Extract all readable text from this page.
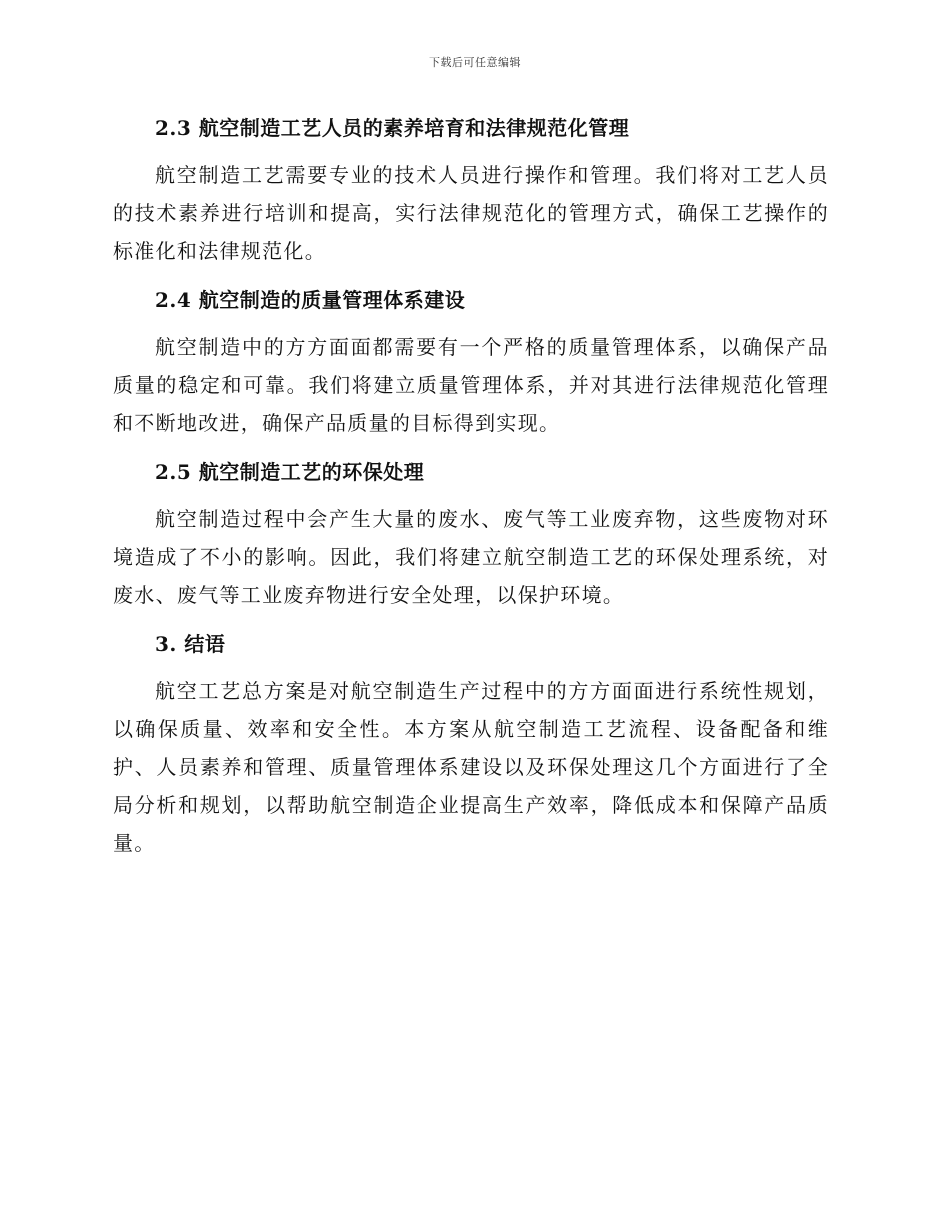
下载后可任意编辑
2.3 航空制造工艺人员的素养培育和法律规范化管理

航空制造工艺需要专业的技术人员进行操作和管理。我们将对工艺人员的技术素养进行培训和提高，实行法律规范化的管理方式，确保工艺操作的标准化和法律规范化。

2.4 航空制造的质量管理体系建设

航空制造中的方方面面都需要有一个严格的质量管理体系，以确保产品质量的稳定和可靠。我们将建立质量管理体系，并对其进行法律规范化管理和不断地改进，确保产品质量的目标得到实现。

2.5 航空制造工艺的环保处理

航空制造过程中会产生大量的废水、废气等工业废弃物，这些废物对环境造成了不小的影响。因此，我们将建立航空制造工艺的环保处理系统，对废水、废气等工业废弃物进行安全处理，以保护环境。

3. 结语

航空工艺总方案是对航空制造生产过程中的方方面面进行系统性规划，以确保质量、效率和安全性。本方案从航空制造工艺流程、设备配备和维护、人员素养和管理、质量管理体系建设以及环保处理这几个方面进行了全局分析和规划，以帮助航空制造企业提高生产效率，降低成本和保障产品质量。
